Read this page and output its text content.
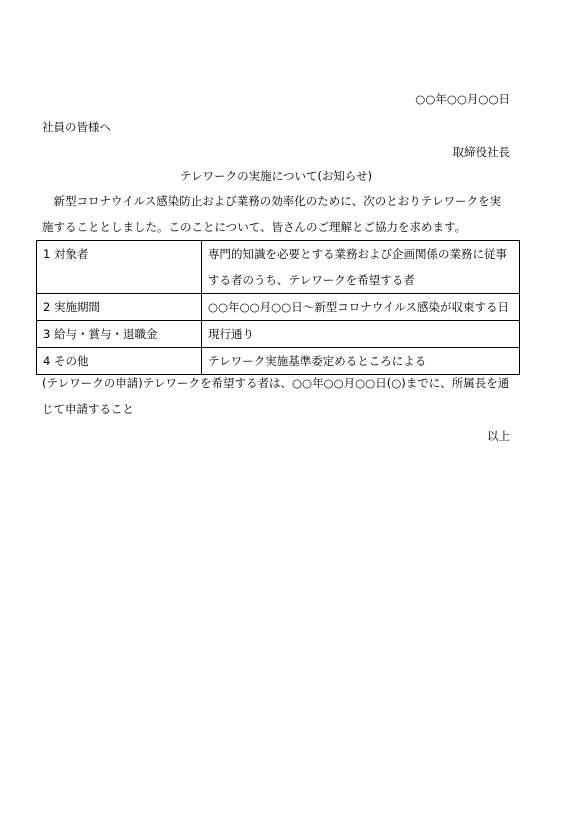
○○年○○月○○日
社員の皆様へ
取締役社長
テレワークの実施について(お知らせ)
新型コロナウイルス感染防止および業務の効率化のために、次のとおりテレワークを実施することとしました。このことについて、皆さんのご理解とご協力を求めます。
1 対象者	専門的知識を必要とする業務および企画関係の業務に従事する者のうち、テレワークを希望する者
2 実施期間	○○年○○月○○日～新型コロナウイルス感染が収束する日
3 給与・賞与・退職金	現行通り
4 その他	テレワーク実施基準委定めるところによる
(テレワークの申請)テレワークを希望する者は、○○年○○月○○日(○)までに、所属長を通じて申請すること
以上
